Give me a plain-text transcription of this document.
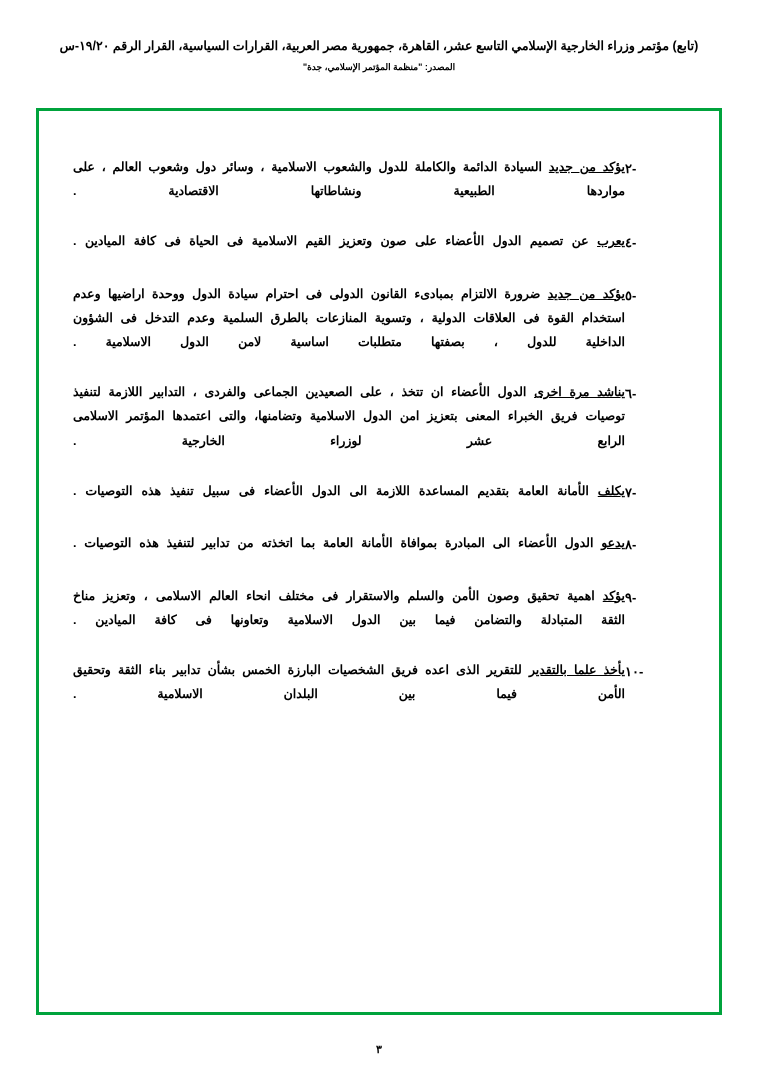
(تابع) مؤتمر وزراء الخارجية الإسلامي التاسع عشر، القاهرة، جمهورية مصر العربية، القرارات السياسية، القرار الرقم ١٩/٢٠-س
المصدر: "منظمة المؤتمر الإسلامي، جدة"
-٢
يؤكد من جديد السيادة الدائمة والكاملة للدول والشعوب الاسلامية ، وسائر دول وشعوب العالم ، على مواردها الطبيعية ونشاطاتها الاقتصادية .
-٤
يعرب عن تصميم الدول الأعضاء على صون وتعزيز القيم الاسلامية فى الحياة فى كافة الميادين .
-٥
يؤكد من جديد ضرورة الالتزام بمبادىء القانون الدولى فى احترام سيادة الدول ووحدة اراضيها وعدم استخدام القوة فى العلاقات الدولية ، وتسوية المنازعات بالطرق السلمية وعدم التدخل فى الشؤون الداخلية للدول ، بصفتها متطلبات اساسية لامن الدول الاسلامية .
-٦
يناشد مرة اخرى الدول الأعضاء ان تتخذ ، على الصعيدين الجماعى والفردى ، التدابير اللازمة لتنفيذ توصيات فريق الخبراء المعنى بتعزيز امن الدول الاسلامية وتضامنها، والتى اعتمدها المؤتمر الاسلامى الرابع عشر لوزراء الخارجية .
-٧
يكلف الأمانة العامة بتقديم المساعدة اللازمة الى الدول الأعضاء فى سبيل تنفيذ هذه التوصيات .
-٨
يدعو الدول الأعضاء الى المبادرة بموافاة الأمانة العامة بما اتخذته من تدابير لتنفيذ هذه التوصيات .
-٩
يؤكد اهمية تحقيق وصون الأمن والسلم والاستقرار فى مختلف انحاء العالم الاسلامى ، وتعزيز مناخ الثقة المتبادلة والتضامن فيما بين الدول الاسلامية وتعاونها فى كافة الميادين .
-١٠
يأخذ علما بالتقدير للتقرير الذى اعده فريق الشخصيات البارزة الخمس بشأن تدابير بناء الثقة وتحقيق الأمن فيما بين البلدان الاسلامية .
٣
